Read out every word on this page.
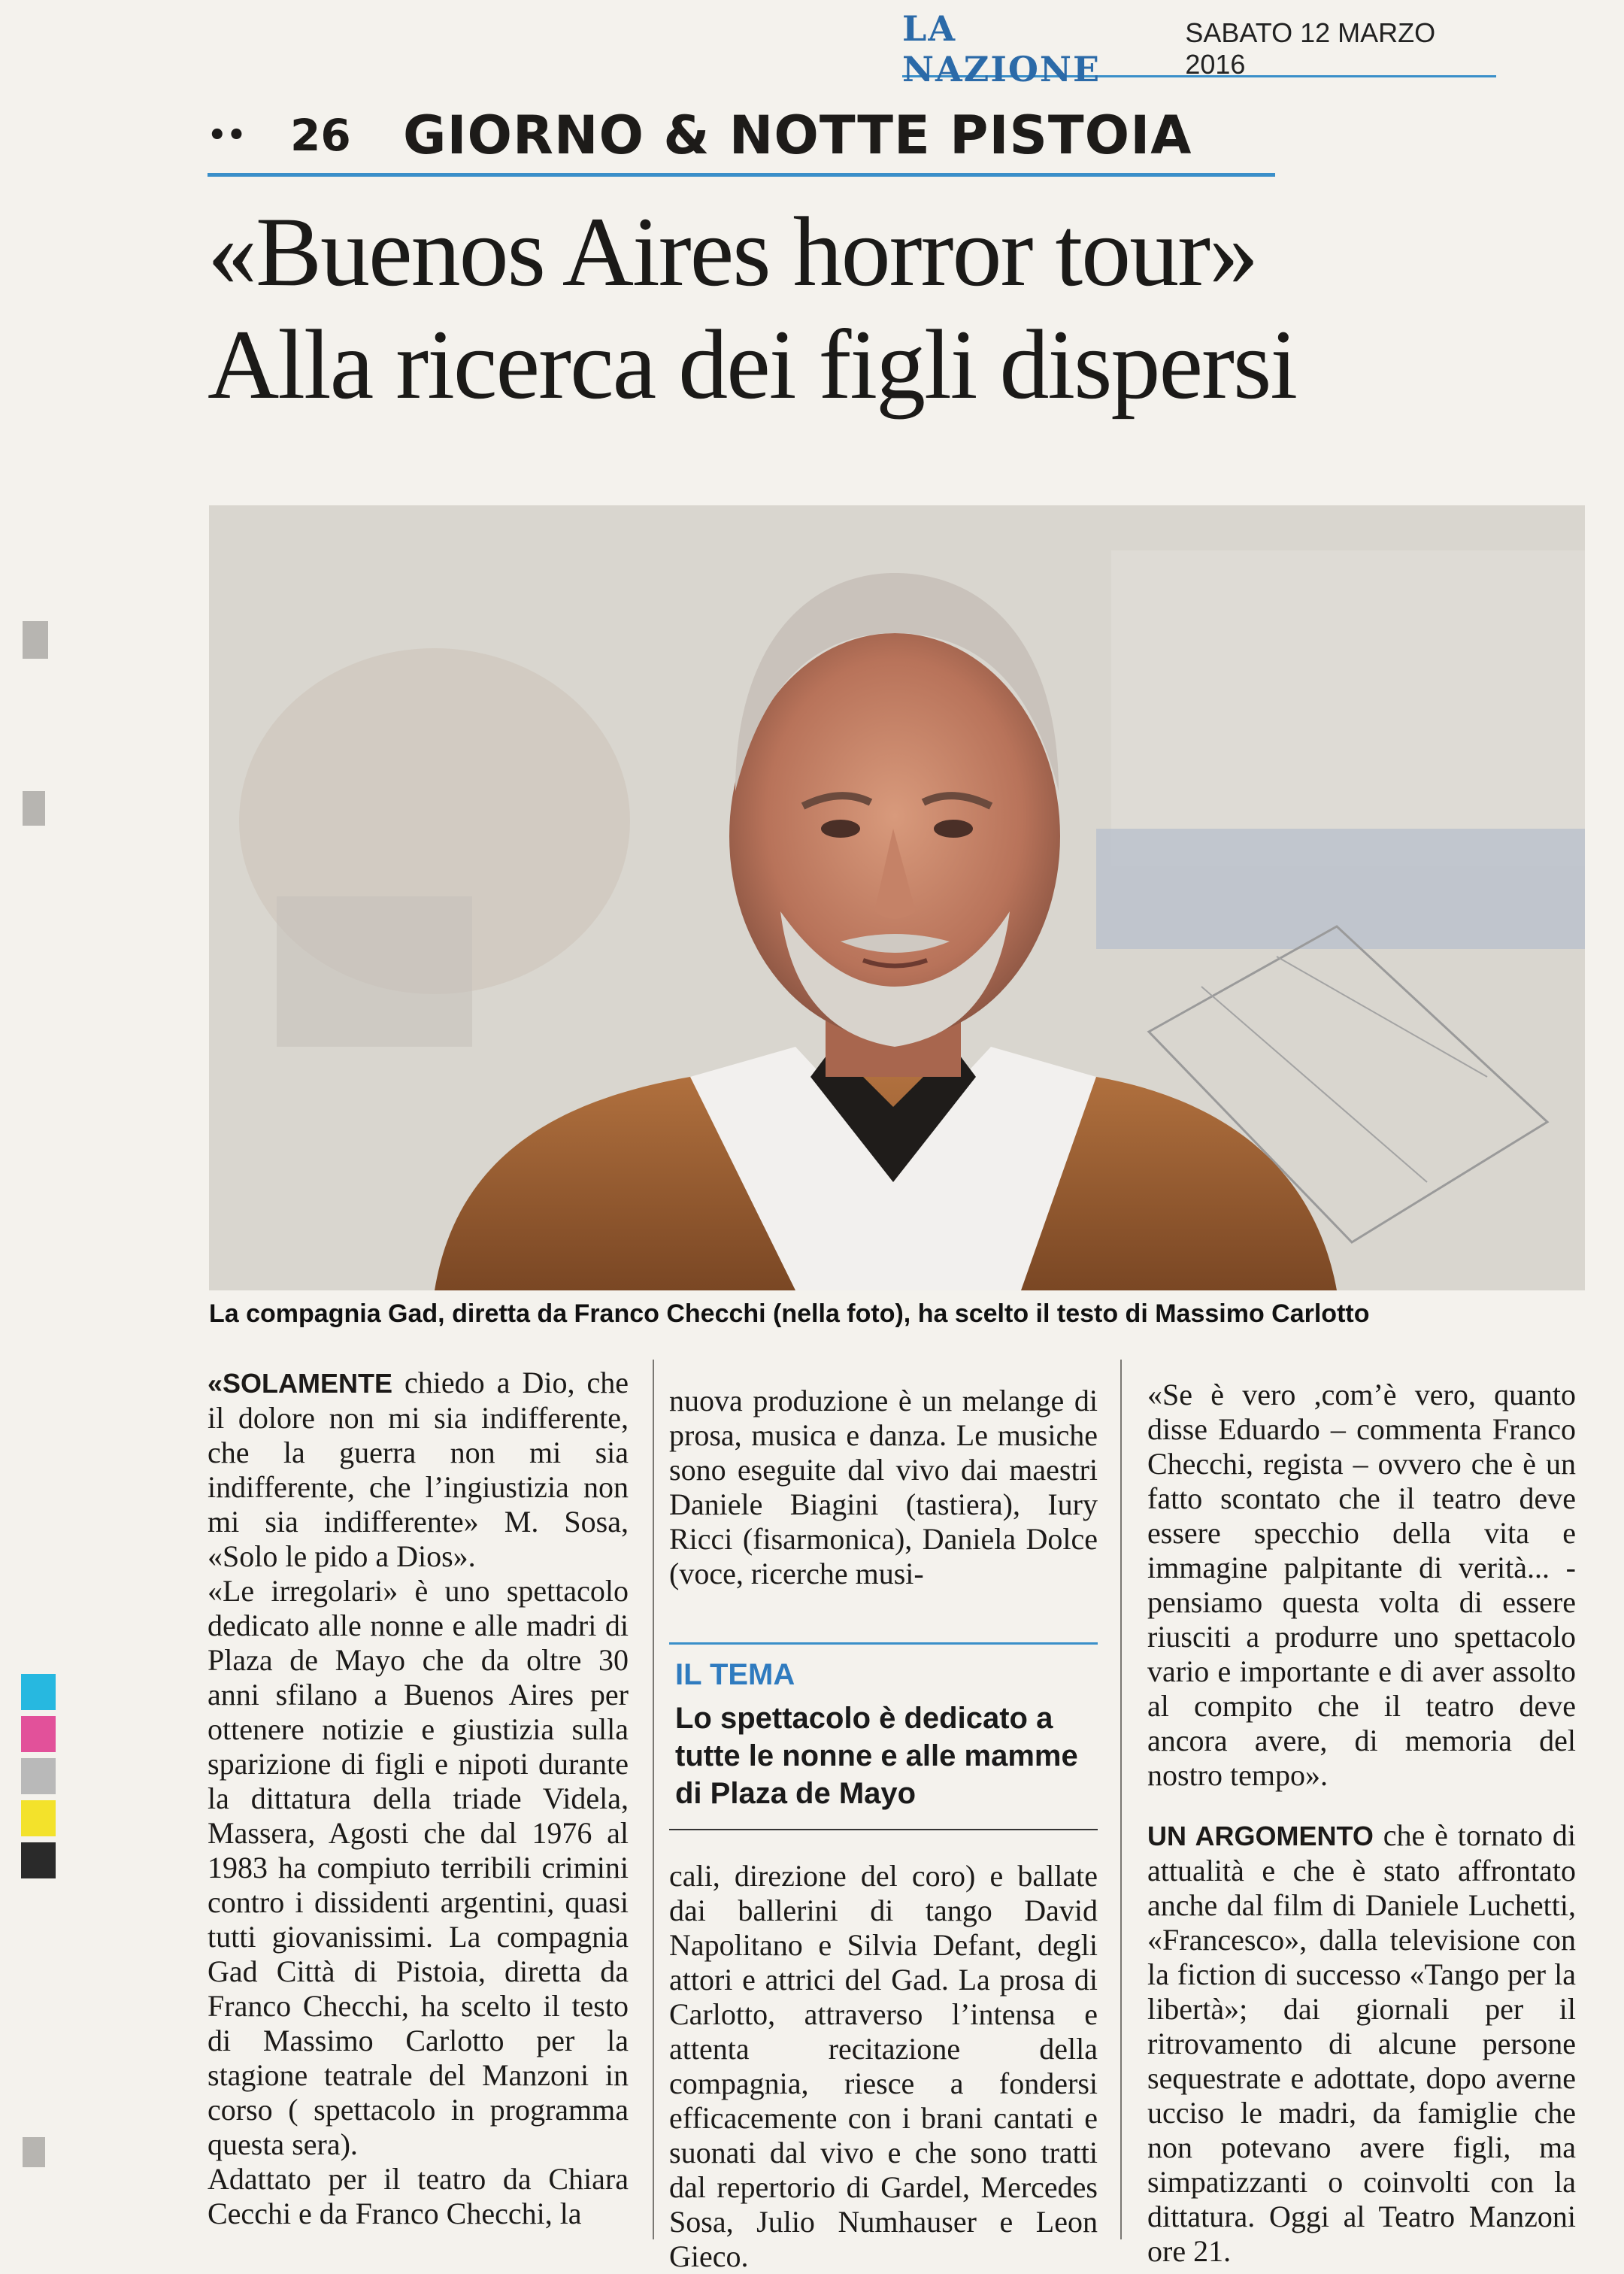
LA NAZIONE
SABATO 12 MARZO 2016
••	26 GIORNO & NOTTE PISTOIA
«Buenos Aires horror tour»
Alla ricerca dei figli dispersi
La compagnia Gad, diretta da Franco Checchi (nella foto), ha scelto il testo di Massimo Carlotto

«SOLAMENTE chiedo a Dio, che il dolore non mi sia indifferente, che la guerra non mi sia indifferente, che l’ingiustizia non mi sia indifferente» M. Sosa, «Solo le pido a Dios».

«Le irregolari» è uno spettacolo dedicato alle nonne e alle madri di Plaza de Mayo che da oltre 30 anni sfilano a Buenos Aires per ottenere notizie e giustizia sulla sparizione di figli e nipoti durante la dittatura della triade Videla, Massera, Agosti che dal 1976 al 1983 ha compiuto terribili crimini contro i dissidenti argentini, quasi tutti giovanissimi. La compagnia Gad Città di Pistoia, diretta da Franco Checchi, ha scelto il testo di Massimo Carlotto per la stagione teatrale del Manzoni in corso ( spettacolo in programma questa sera).

Adattato per il teatro da Chiara Cecchi e da Franco Checchi, la

nuova produzione è un melange di prosa, musica e danza. Le musiche sono eseguite dal vivo dai maestri Daniele Biagini (tastiera), Iury Ricci (fisarmonica), Daniela Dolce (voce, ricerche musi-

IL TEMA

Lo spettacolo è dedicato a tutte le nonne e alle mamme di Plaza de Mayo

cali, direzione del coro) e ballate dai ballerini di tango David Napolitano e Silvia Defant, degli attori e attrici del Gad. La prosa di Carlotto, attraverso l’intensa e attenta recitazione della compagnia, riesce a fondersi efficacemente con i brani cantati e suonati dal vivo e che sono tratti dal repertorio di Gardel, Mercedes Sosa, Julio Numhauser e Leon Gieco.

«Se è vero ,com’è vero, quanto disse Eduardo – commenta Franco Checchi, regista – ovvero che è un fatto scontato che il teatro deve essere specchio della vita e immagine palpitante di verità... - pensiamo questa volta di essere riusciti a produrre uno spettacolo vario e importante e di aver assolto al compito che il teatro deve ancora avere, di memoria del nostro tempo».

UN ARGOMENTO che è tornato di attualità e che è stato affrontato anche dal film di Daniele Luchetti, «Francesco», dalla televisione con la fiction di successo «Tango per la libertà»; dai giornali per il ritrovamento di alcune persone sequestrate e adottate, dopo averne ucciso le madri, da famiglie che non potevano avere figli, ma simpatizzanti o coinvolti con la dittatura. Oggi al Teatro Manzoni ore 21.
